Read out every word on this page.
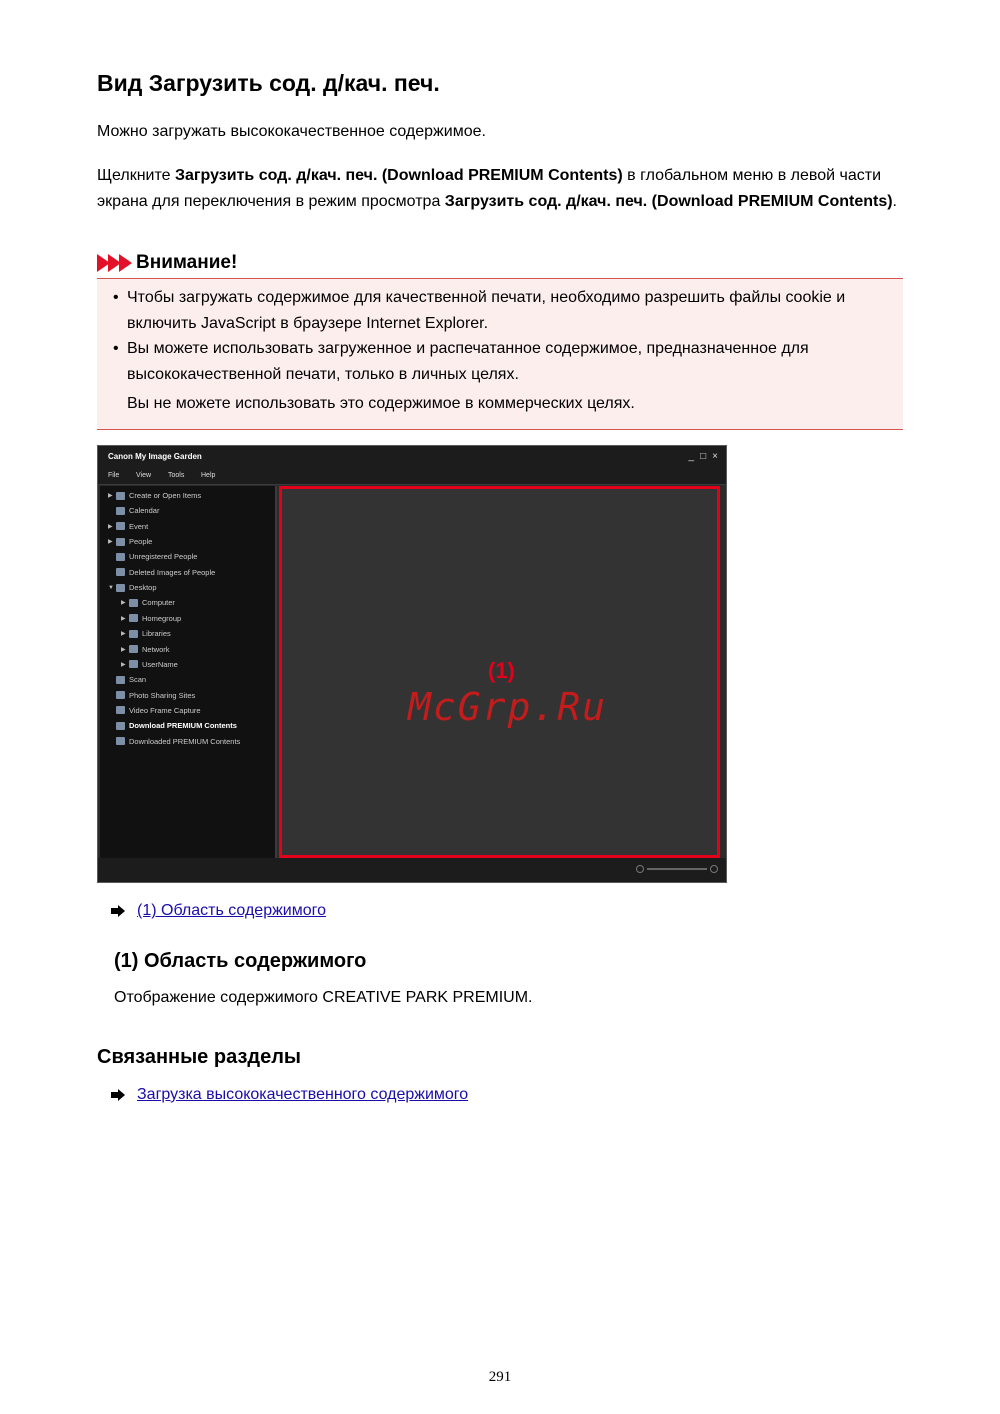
Вид Загрузить сод. д/кач. печ.

Можно загружать высококачественное содержимое.

Щелкните Загрузить сод. д/кач. печ. (Download PREMIUM Contents) в глобальном меню в левой части экрана для переключения в режим просмотра Загрузить сод. д/кач. печ. (Download PREMIUM Contents).

Внимание!
• Чтобы загружать содержимое для качественной печати, необходимо разрешить файлы cookie и включить JavaScript в браузере Internet Explorer.
• Вы можете использовать загруженное и распечатанное содержимое, предназначенное для высококачественной печати, только в личных целях.
Вы не можете использовать это содержимое в коммерческих целях.
Canon My Image Garden	_ □ ×
File View Tools Help
▶	Create or Open Items
Calendar
▶	Event
▶	People
Unregistered People
Deleted Images of People
▼ Desktop
▶	Computer
▶	Homegroup
▶	Libraries
▶	Network
▶	UserName
Scan
Photo Sharing Sites
Video Frame Capture
Download PREMIUM Contents
Downloaded PREMIUM Contents
(1)
(1) Область содержимого
(1) Область содержимого

Отображение содержимого CREATIVE PARK PREMIUM.

Связанные разделы
Загрузка высококачественного содержимого
McGrp.Ru
291
